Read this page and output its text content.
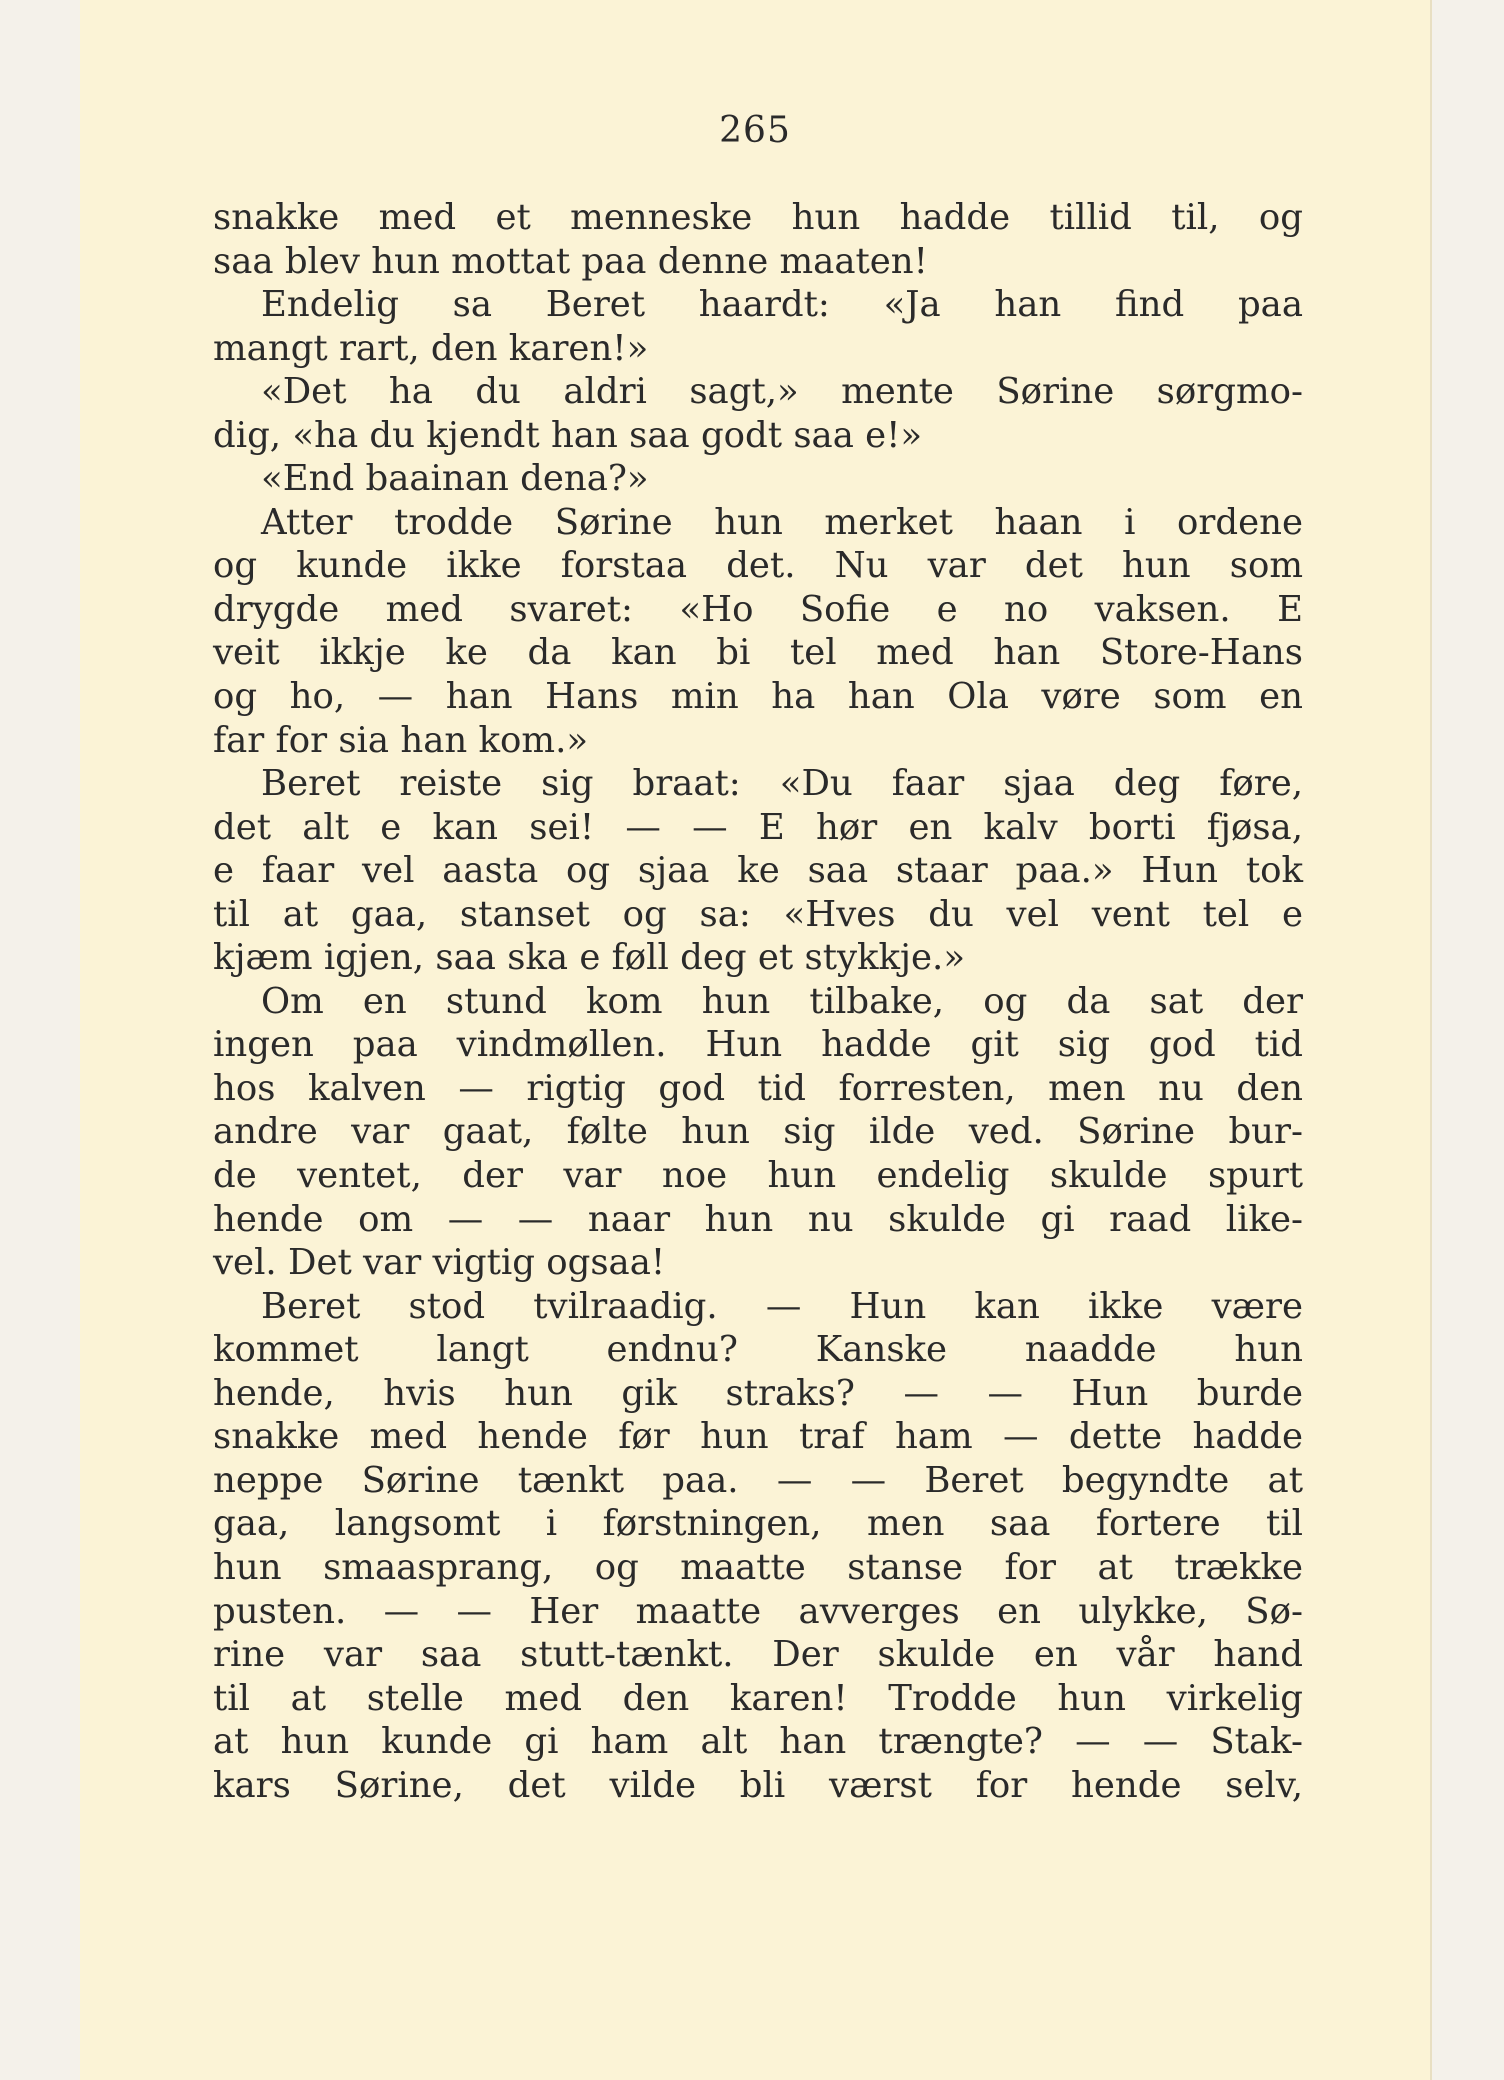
265
snakke med et menneske hun hadde tillid til, og
saa blev hun mottat paa denne maaten!
Endelig sa Beret haardt: «Ja han find paa
mangt rart, den karen!»
«Det ha du aldri sagt,» mente Sørine sørgmo-
dig, «ha du kjendt han saa godt saa e!»
«End baainan dena?»
Atter trodde Sørine hun merket haan i ordene
og kunde ikke forstaa det. Nu var det hun som
drygde med svaret: «Ho Sofie e no vaksen. E
veit ikkje ke da kan bi tel med han Store-Hans
og ho, — han Hans min ha han Ola vøre som en
far for sia han kom.»
Beret reiste sig braat: «Du faar sjaa deg føre,
det alt e kan sei! — — E hør en kalv borti fjøsa,
e faar vel aasta og sjaa ke saa staar paa.» Hun tok
til at gaa, stanset og sa: «Hves du vel vent tel e
kjæm igjen, saa ska e føll deg et stykkje.»
Om en stund kom hun tilbake, og da sat der
ingen paa vindmøllen. Hun hadde git sig god tid
hos kalven — rigtig god tid forresten, men nu den
andre var gaat, følte hun sig ilde ved. Sørine bur-
de ventet, der var noe hun endelig skulde spurt
hende om — — naar hun nu skulde gi raad like-
vel. Det var vigtig ogsaa!
Beret stod tvilraadig. — Hun kan ikke være
kommet langt endnu? Kanske naadde hun
hende, hvis hun gik straks? — — Hun burde
snakke med hende før hun traf ham — dette hadde
neppe Sørine tænkt paa. — — Beret begyndte at
gaa, langsomt i førstningen, men saa fortere til
hun smaasprang, og maatte stanse for at trække
pusten. — — Her maatte avverges en ulykke, Sø-
rine var saa stutt-tænkt. Der skulde en vår hand
til at stelle med den karen! Trodde hun virkelig
at hun kunde gi ham alt han trængte? — — Stak-
kars Sørine, det vilde bli værst for hende selv,
